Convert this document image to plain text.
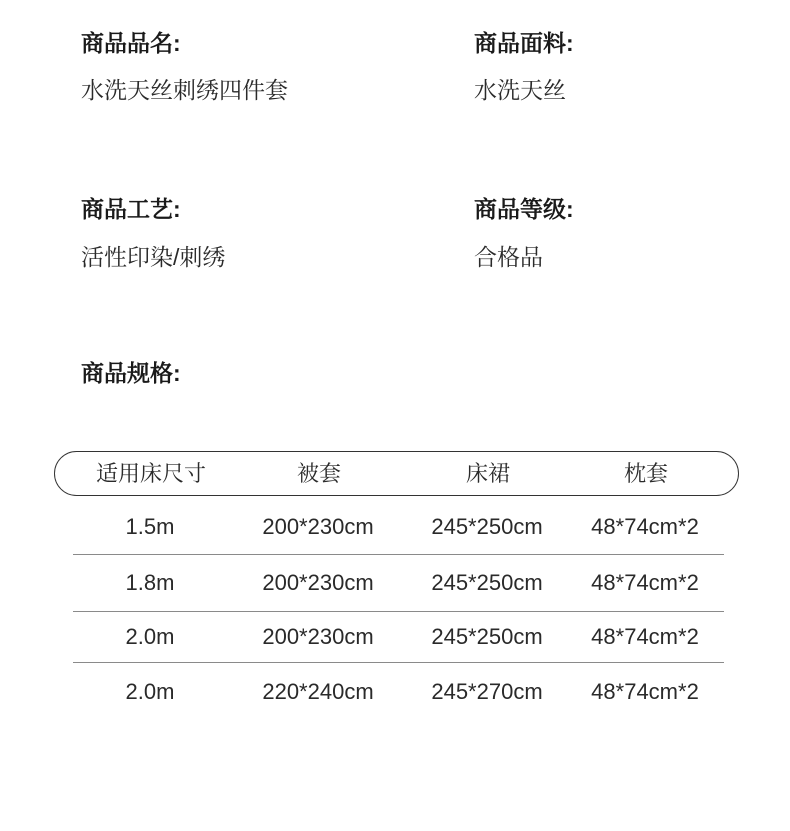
商品品名:
水洗天丝刺绣四件套
商品面料:
水洗天丝
商品工艺:
活性印染/刺绣
商品等级:
合格品
商品规格:
适用床尺寸	被套	床裙	枕套
1.5m	200*230cm	245*250cm	48*74cm*2
1.8m	200*230cm	245*250cm	48*74cm*2
2.0m	200*230cm	245*250cm	48*74cm*2
2.0m	220*240cm	245*270cm	48*74cm*2
